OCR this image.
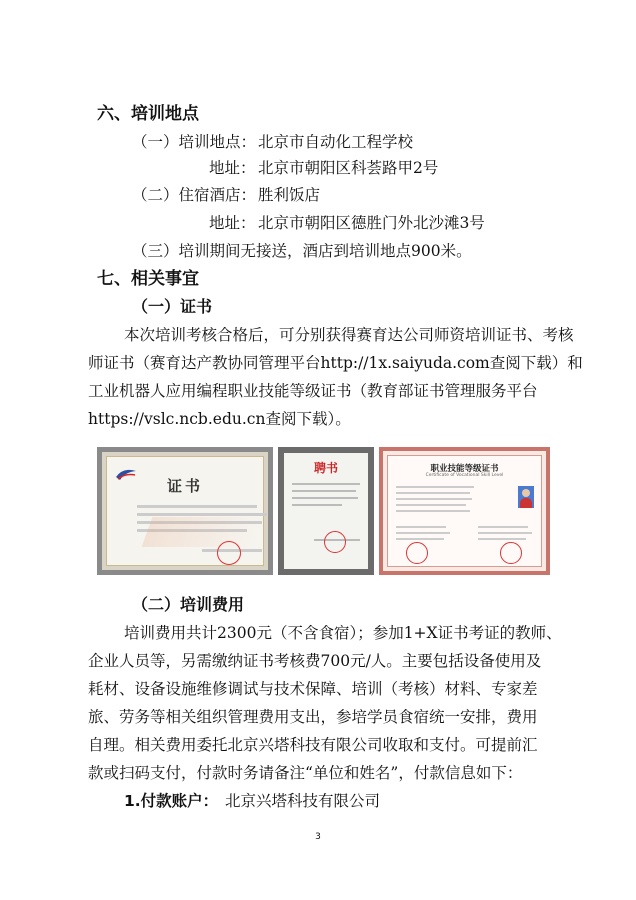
六、培训地点
（一）培训地点： 北京市自动化工程学校
地址： 北京市朝阳区科荟路甲2号
（二）住宿酒店： 胜利饭店
地址： 北京市朝阳区德胜门外北沙滩3号
（三）培训期间无接送，酒店到培训地点900米。
七、相关事宜
（一）证书
本次培训考核合格后，可分别获得赛育达公司师资培训证书、考核
师证书（赛育达产教协同管理平台http://1x.saiyuda.com查阅下载）和
工业机器人应用编程职业技能等级证书（教育部证书管理服务平台
https://vslc.ncb.edu.cn查阅下载）。
证书
聘书	职业技能等级证书
Certificate of Vocational Skill Level
（二）培训费用
培训费用共计2300元（不含食宿）；参加1+X证书考证的教师、
企业人员等，另需缴纳证书考核费700元/人。主要包括设备使用及
耗材、设备设施维修调试与技术保障、培训（考核）材料、专家差
旅、劳务等相关组织管理费用支出，参培学员食宿统一安排，费用
自理。相关费用委托北京兴塔科技有限公司收取和支付。可提前汇
款或扫码支付，付款时务请备注“单位和姓名”，付款信息如下：
1.付款账户： 北京兴塔科技有限公司
3
